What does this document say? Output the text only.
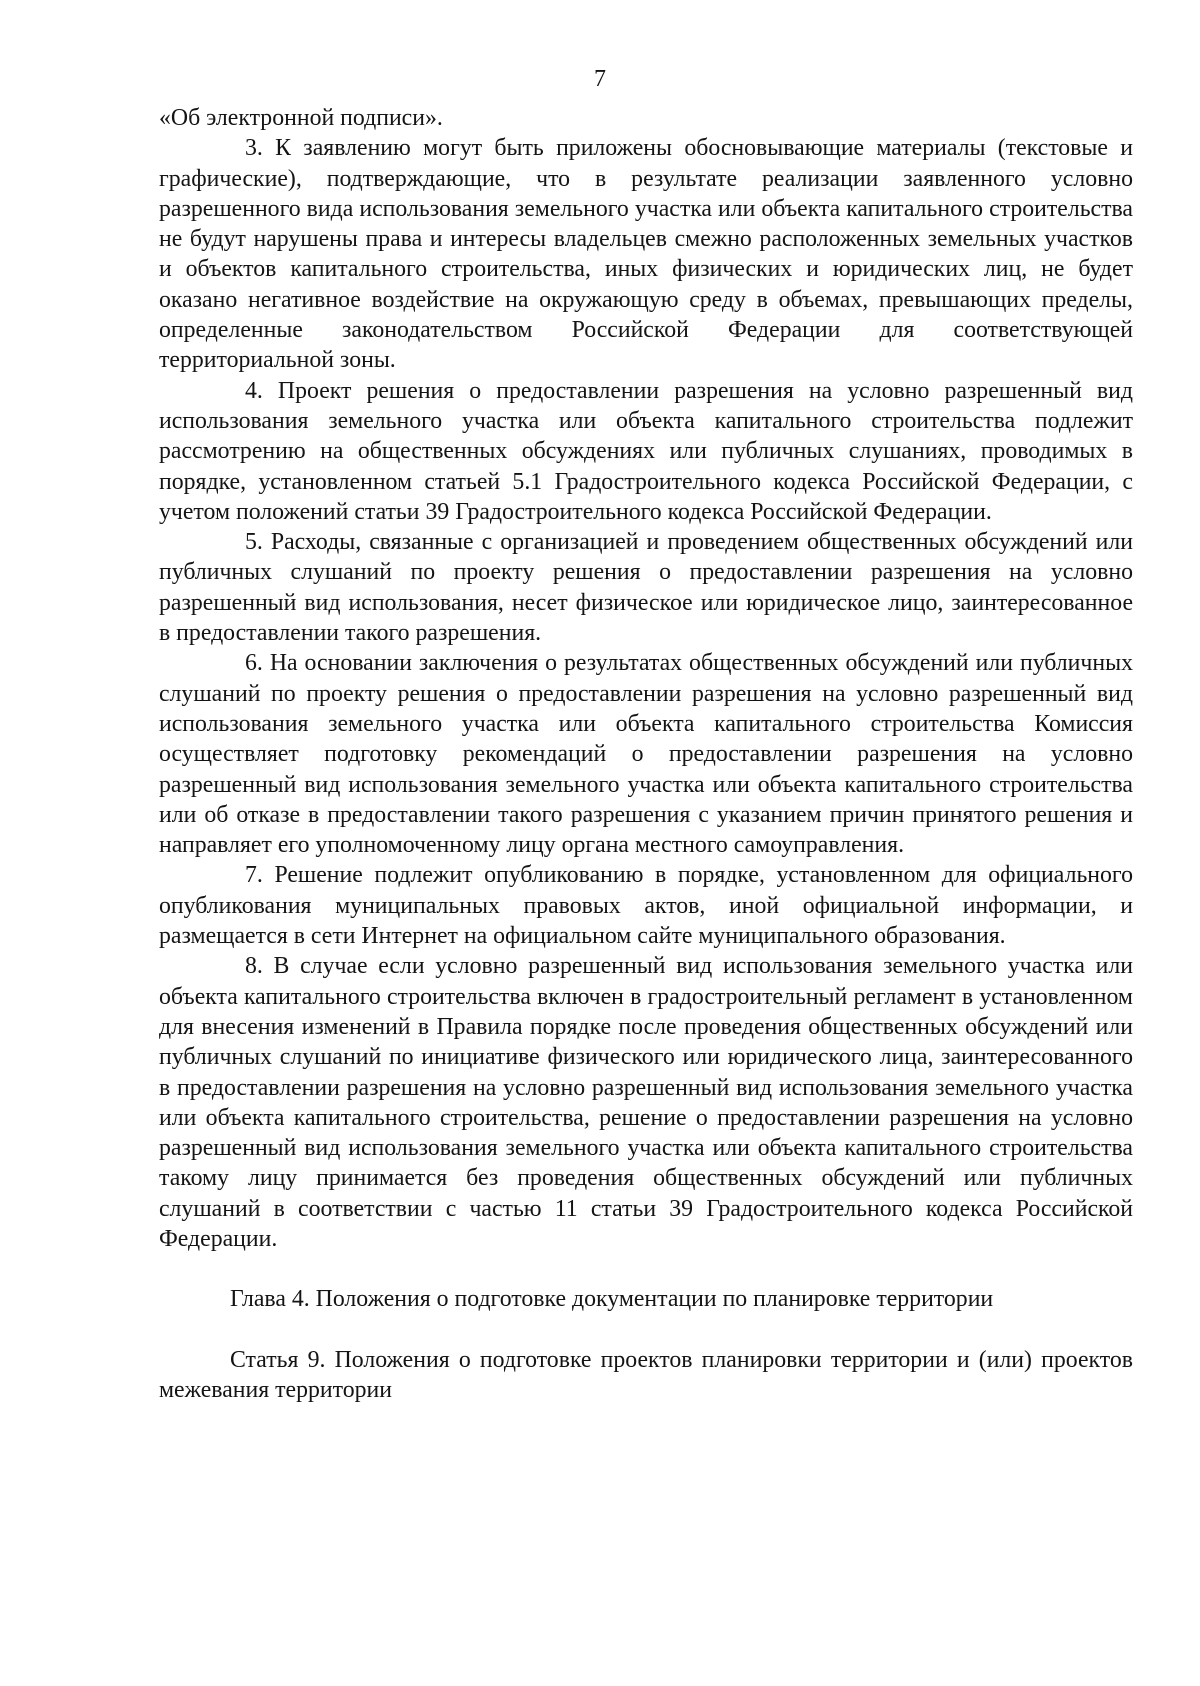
7

«Об электронной подписи».

3. К заявлению могут быть приложены обосновывающие материалы (текстовые и графические), подтверждающие, что в результате реализации заявленного условно разрешенного вида использования земельного участка или объекта капитального строительства не будут нарушены права и интересы владельцев смежно расположенных земельных участков и объектов капитального строительства, иных физических и юридических лиц, не будет оказано негативное воздействие на окружающую среду в объемах, превышающих пределы, определенные законодательством Российской Федерации для соответствующей территориальной зоны.

4. Проект решения о предоставлении разрешения на условно разрешенный вид использования земельного участка или объекта капитального строительства подлежит рассмотрению на общественных обсуждениях или публичных слушаниях, проводимых в порядке, установленном статьей 5.1 Градостроительного кодекса Российской Федерации, с учетом положений статьи 39 Градостроительного кодекса Российской Федерации.

5. Расходы, связанные с организацией и проведением общественных обсуждений или публичных слушаний по проекту решения о предоставлении разрешения на условно разрешенный вид использования, несет физическое или юридическое лицо, заинтересованное в предоставлении такого разрешения.

6. На основании заключения о результатах общественных обсуждений или публичных слушаний по проекту решения о предоставлении разрешения на условно разрешенный вид использования земельного участка или объекта капитального строительства Комиссия осуществляет подготовку рекомендаций о предоставлении разрешения на условно разрешенный вид использования земельного участка или объекта капитального строительства или об отказе в предоставлении такого разрешения с указанием причин принятого решения и направляет его уполномоченному лицу органа местного самоуправления.

7. Решение подлежит опубликованию в порядке, установленном для официального опубликования муниципальных правовых актов, иной официальной информации, и размещается в сети Интернет на официальном сайте муниципального образования.

8. В случае если условно разрешенный вид использования земельного участка или объекта капитального строительства включен в градостроительный регламент в установленном для внесения изменений в Правила порядке после проведения общественных обсуждений или публичных слушаний по инициативе физического или юридического лица, заинтересованного в предоставлении разрешения на условно разрешенный вид использования земельного участка или объекта капитального строительства, решение о предоставлении разрешения на условно разрешенный вид использования земельного участка или объекта капитального строительства такому лицу принимается без проведения общественных обсуждений или публичных слушаний в соответствии с частью 11 статьи 39 Градостроительного кодекса Российской Федерации.

Глава 4. Положения о подготовке документации по планировке территории

Статья 9. Положения о подготовке проектов планировки территории и (или) проектов межевания территории
